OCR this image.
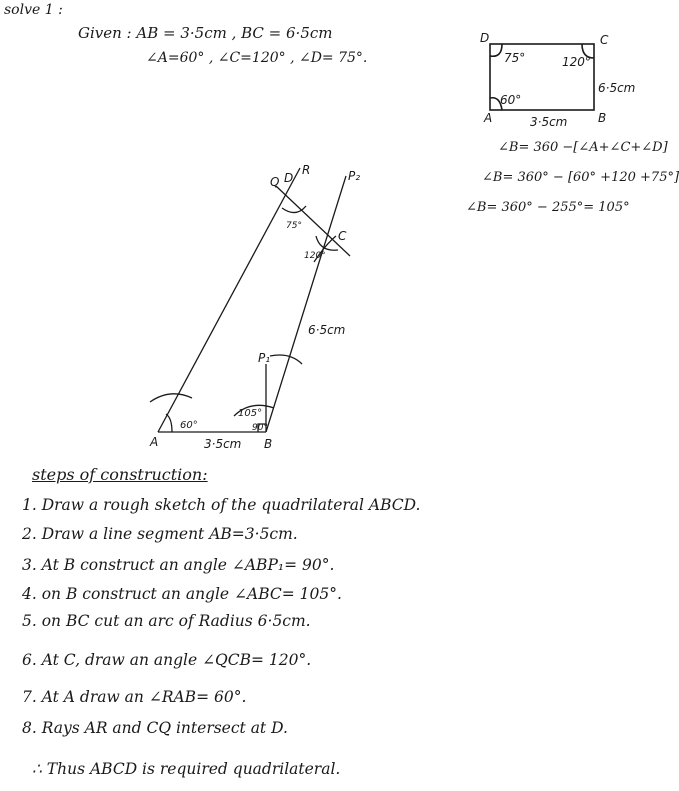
solve 1 :
Given : AB = 3·5cm , BC = 6·5cm
∠A=60° , ∠C=120° , ∠D= 75°.
D	C
A	B
75°	120°
60°
3·5cm
6·5cm
A	B
C
D
Q
R
P₁
P₂
60°	90°
105°
120°
75°
3·5cm
6·5cm
∠B= 360 −[∠A+∠C+∠D]
∠B= 360° − [60° +120 +75°]
∠B= 360° − 255°= 105°
steps of construction:
1. Draw a rough sketch of the quadrilateral ABCD.
2. Draw a line segment AB=3·5cm.
3. At B construct an angle ∠ABP₁= 90°.
4. on B construct an angle ∠ABC= 105°.
5. on BC cut an arc of Radius 6·5cm.
6. At C, draw an angle ∠QCB= 120°.
7. At A draw an ∠RAB= 60°.
8. Rays AR and CQ intersect at D.
∴ Thus ABCD is required quadrilateral.
